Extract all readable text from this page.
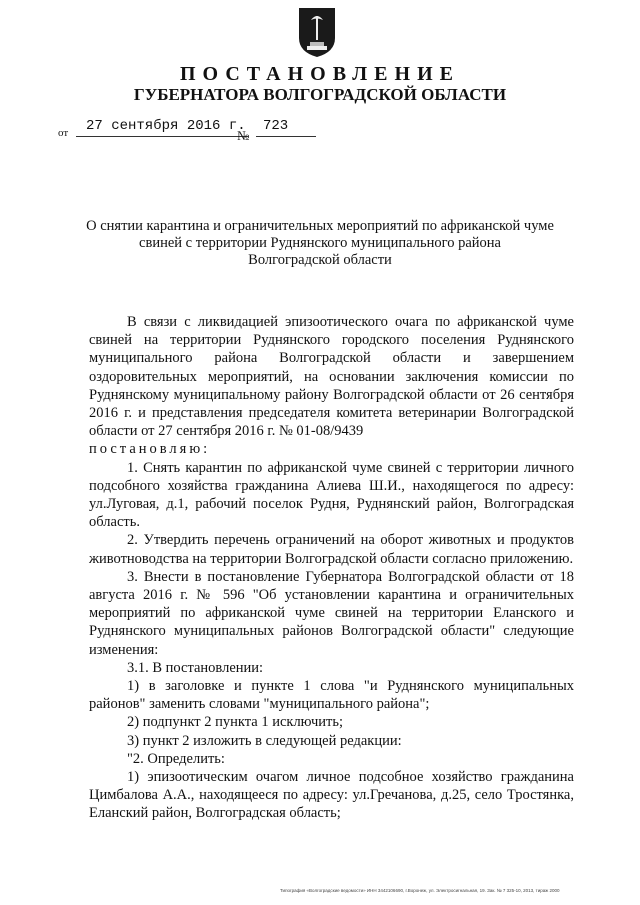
ПОСТАНОВЛЕНИЕ
ГУБЕРНАТОРА ВОЛГОГРАДСКОЙ ОБЛАСТИ
от 27 сентября 2016 г.
№
723
О снятии карантина и ограничительных мероприятий по африканской чуме
свиней с территории Руднянского муниципального района
Волгоградской области

В связи с ликвидацией эпизоотического очага по африканской чуме свиней на территории Руднянского городского поселения Руднянского муниципального района Волгоградской области и завершением оздоровительных мероприятий, на основании заключения комиссии по Руднянскому муниципальному району Волгоградской области от 26 сентября 2016 г. и представления председателя комитета ветеринарии Волгоградской области от 27 сентября 2016 г. № 01-08/9439

постановляю:

1. Снять карантин по африканской чуме свиней с территории личного подсобного хозяйства гражданина Алиева Ш.И., находящегося по адресу: ул.Луговая, д.1, рабочий поселок Рудня, Руднянский район, Волгоградская область.

2. Утвердить перечень ограничений на оборот животных и продуктов животноводства на территории Волгоградской области согласно приложению.

3. Внести в постановление Губернатора Волгоградской области от 18 августа 2016 г. № 596 "Об установлении карантина и ограничительных мероприятий по африканской чуме свиней на территории Еланского и Руднянского муниципальных районов Волгоградской области" следующие изменения:

3.1. В постановлении:

1) в заголовке и пункте 1 слова "и Руднянского муниципальных районов" заменить словами "муниципального района";

2) подпункт 2 пункта 1 исключить;

3) пункт 2 изложить в следующей редакции:

"2. Определить:

1) эпизоотическим очагом личное подсобное хозяйство гражданина Цимбалова А.А., находящееся по адресу: ул.Гречанова, д.25, село Тростянка, Еланский район, Волгоградская область;

Типография «Волгоградские ведомости» ИНН 3442106690, г.Воронеж, ул. Электросигнальная, 19. Зак. № 7 325-10, 2013, тираж 2000
